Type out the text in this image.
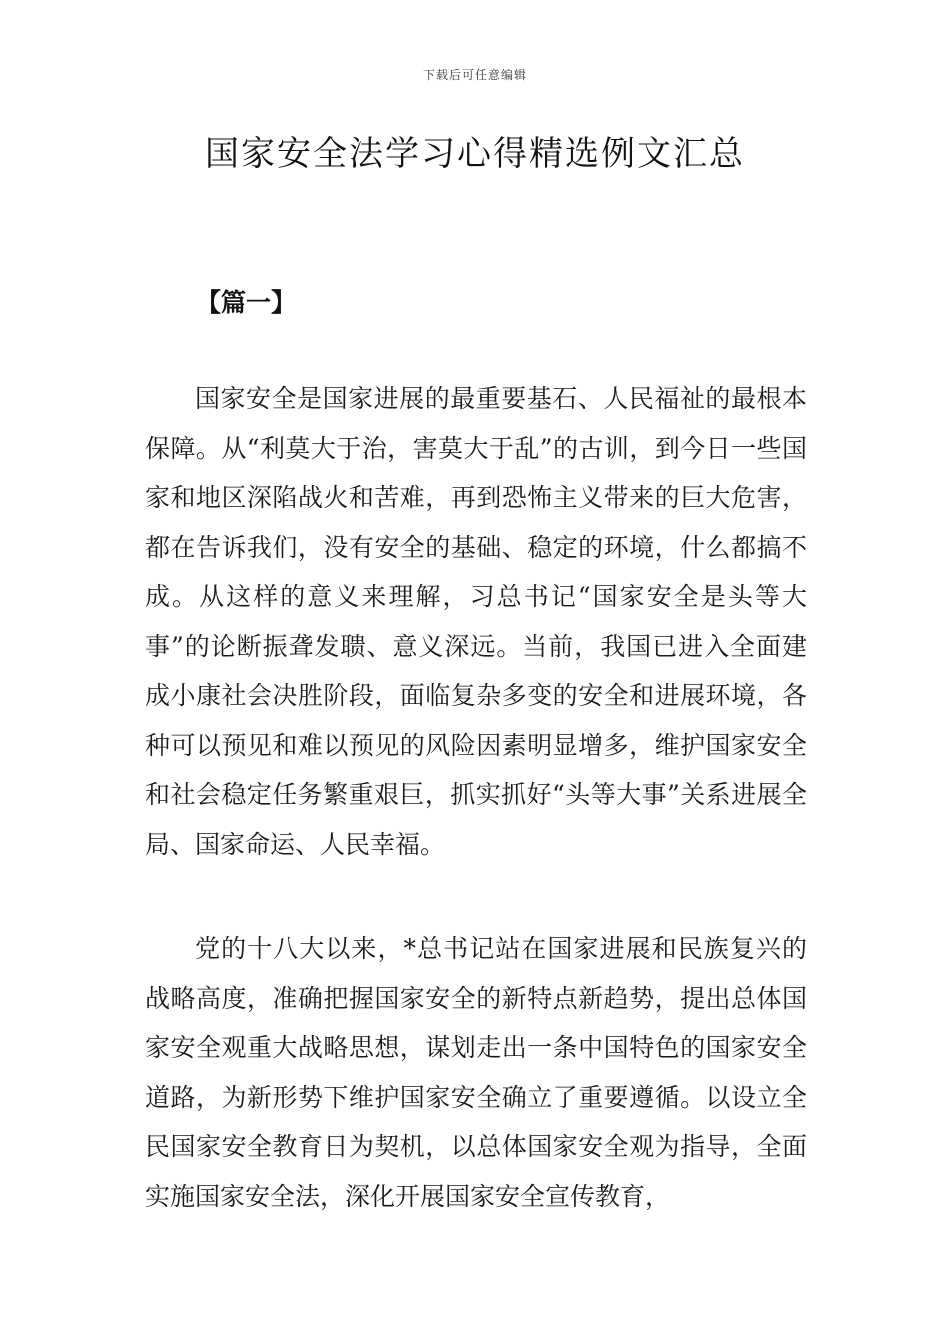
下载后可任意编辑
国家安全法学习心得精选例文汇总
【篇一】

国家安全是国家进展的最重要基石、人民福祉的最根本保障。从“利莫大于治，害莫大于乱”的古训，到今日一些国家和地区深陷战火和苦难，再到恐怖主义带来的巨大危害，都在告诉我们，没有安全的基础、稳定的环境，什么都搞不成。从这样的意义来理解，习总书记“国家安全是头等大事”的论断振聋发聩、意义深远。当前，我国已进入全面建成小康社会决胜阶段，面临复杂多变的安全和进展环境，各种可以预见和难以预见的风险因素明显增多，维护国家安全和社会稳定任务繁重艰巨，抓实抓好“头等大事”关系进展全局、国家命运、人民幸福。

党的十八大以来，*总书记站在国家进展和民族复兴的战略高度，准确把握国家安全的新特点新趋势，提出总体国家安全观重大战略思想，谋划走出一条中国特色的国家安全道路，为新形势下维护国家安全确立了重要遵循。以设立全民国家安全教育日为契机，以总体国家安全观为指导，全面实施国家安全法，深化开展国家安全宣传教育，
